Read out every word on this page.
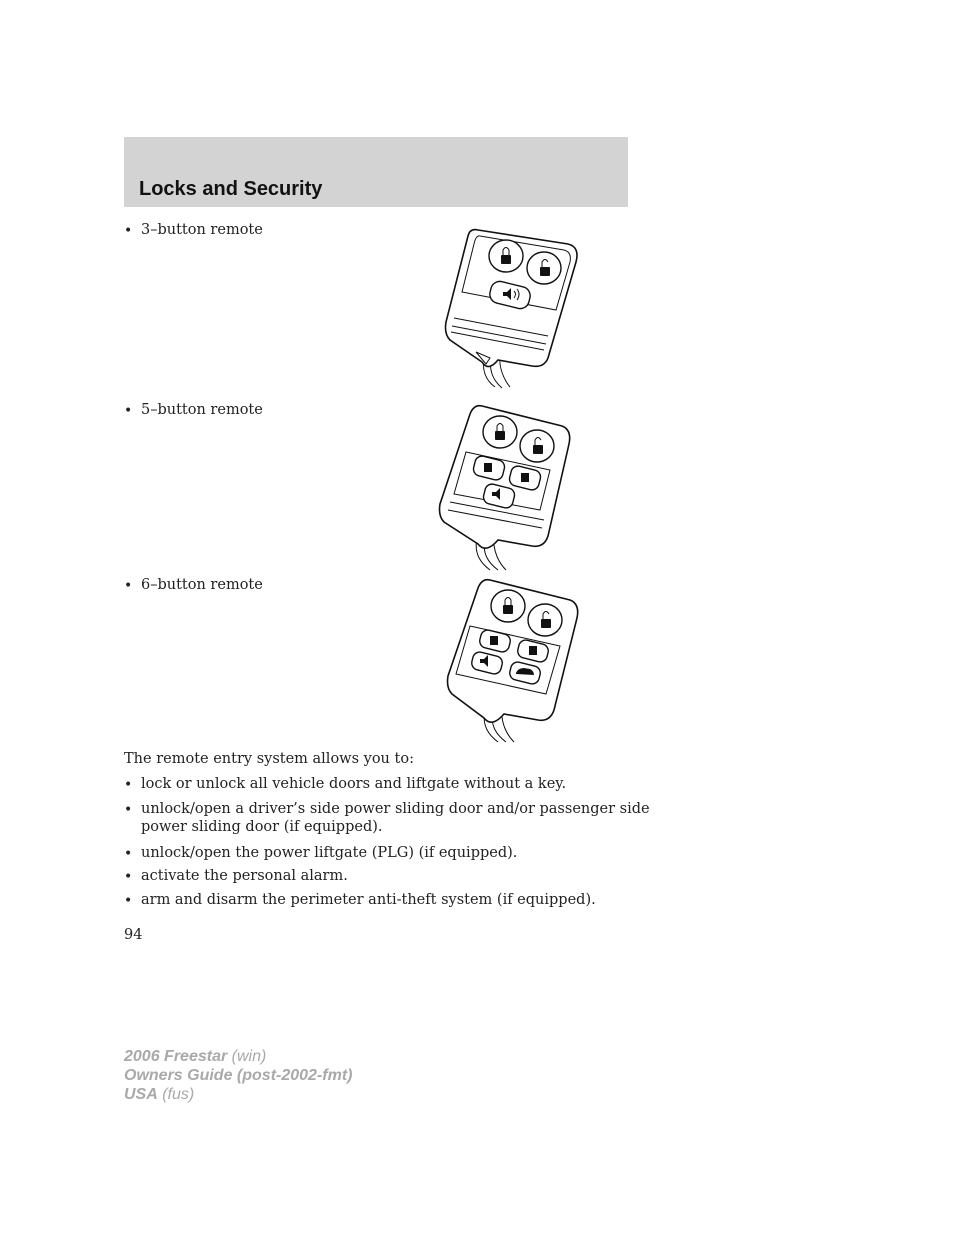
Locks and Security
• 3–button remote
• 5–button remote
• 6–button remote
The remote entry system allows you to:
• lock or unlock all vehicle doors and liftgate without a key.
• unlock/open a driver’s side power sliding door and/or passenger side
power sliding door (if equipped).
• unlock/open the power liftgate (PLG) (if equipped).
• activate the personal alarm.
• arm and disarm the perimeter anti-theft system (if equipped).
94
2006 Freestar (win)
Owners Guide (post-2002-fmt)
USA (fus)
